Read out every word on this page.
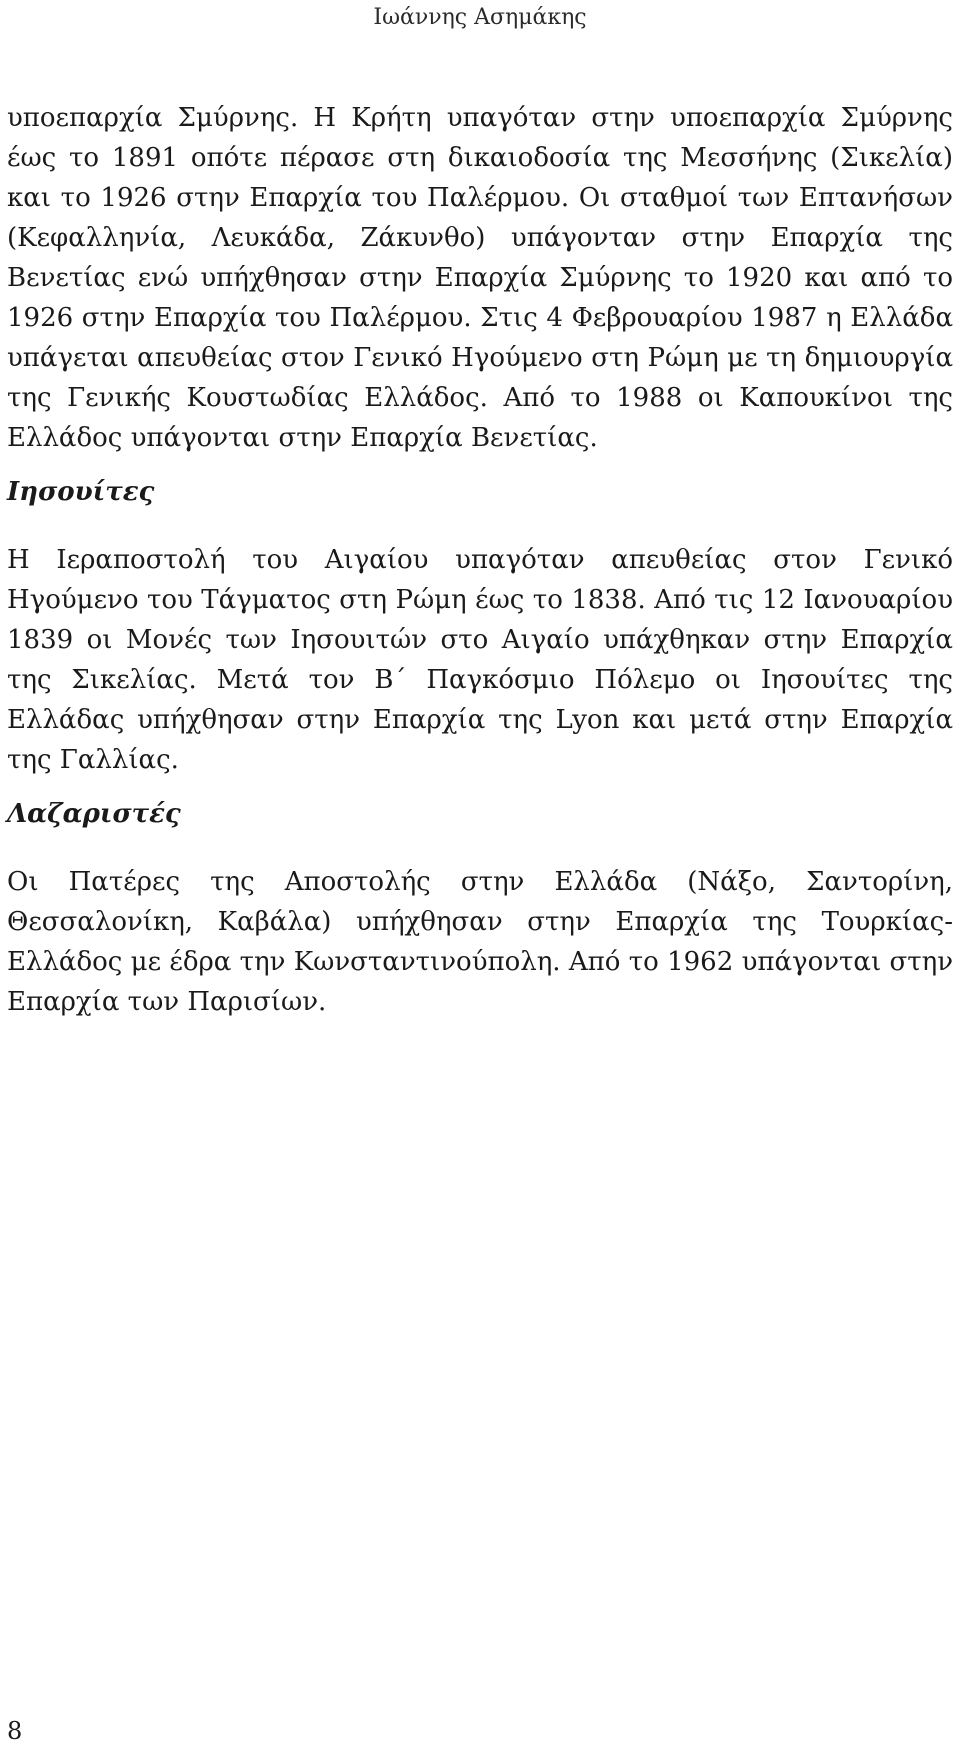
Ιωάννης Ασημάκης

υποεπαρχία Σμύρνης. Η Κρήτη υπαγόταν στην υποεπαρχία Σμύρνης έως το 1891 οπότε πέρασε στη δικαιοδοσία της Μεσσήνης (Σικελία) και το 1926 στην Επαρχία του Παλέρμου. Οι σταθμοί των Επτανήσων (Κεφαλληνία, Λευκάδα, Ζάκυνθο) υπάγονταν στην Επαρχία της Βενετίας ενώ υπήχθησαν στην Επαρχία Σμύρνης το 1920 και από το 1926 στην Επαρχία του Παλέρμου. Στις 4 Φεβρουαρίου 1987 η Ελλάδα υπάγεται απευθείας στον Γενικό Ηγούμενο στη Ρώμη με τη δημιουργία της Γενικής Κουστωδίας Ελλάδος. Από το 1988 οι Καπουκίνοι της Ελλάδος υπάγονται στην Επαρχία Βενετίας.

Ιησουίτες

Η Ιεραποστολή του Αιγαίου υπαγόταν απευθείας στον Γενικό Ηγούμενο του Τάγματος στη Ρώμη έως το 1838. Από τις 12 Ιανουαρίου 1839 οι Μονές των Ιησουιτών στο Αιγαίο υπάχθηκαν στην Επαρχία της Σικελίας. Μετά τον Β΄ Παγκόσμιο Πόλεμο οι Ιησουίτες της Ελλάδας υπήχθησαν στην Επαρχία της Lyon και μετά στην Επαρχία της Γαλλίας.

Λαζαριστές

Οι Πατέρες της Αποστολής στην Ελλάδα (Νάξο, Σαντορίνη, Θεσσαλονίκη, Καβάλα) υπήχθησαν στην Επαρχία της Τουρκίας-Ελλάδος με έδρα την Κωνσταντινούπολη. Από το 1962 υπάγονται στην Επαρχία των Παρισίων.

8
